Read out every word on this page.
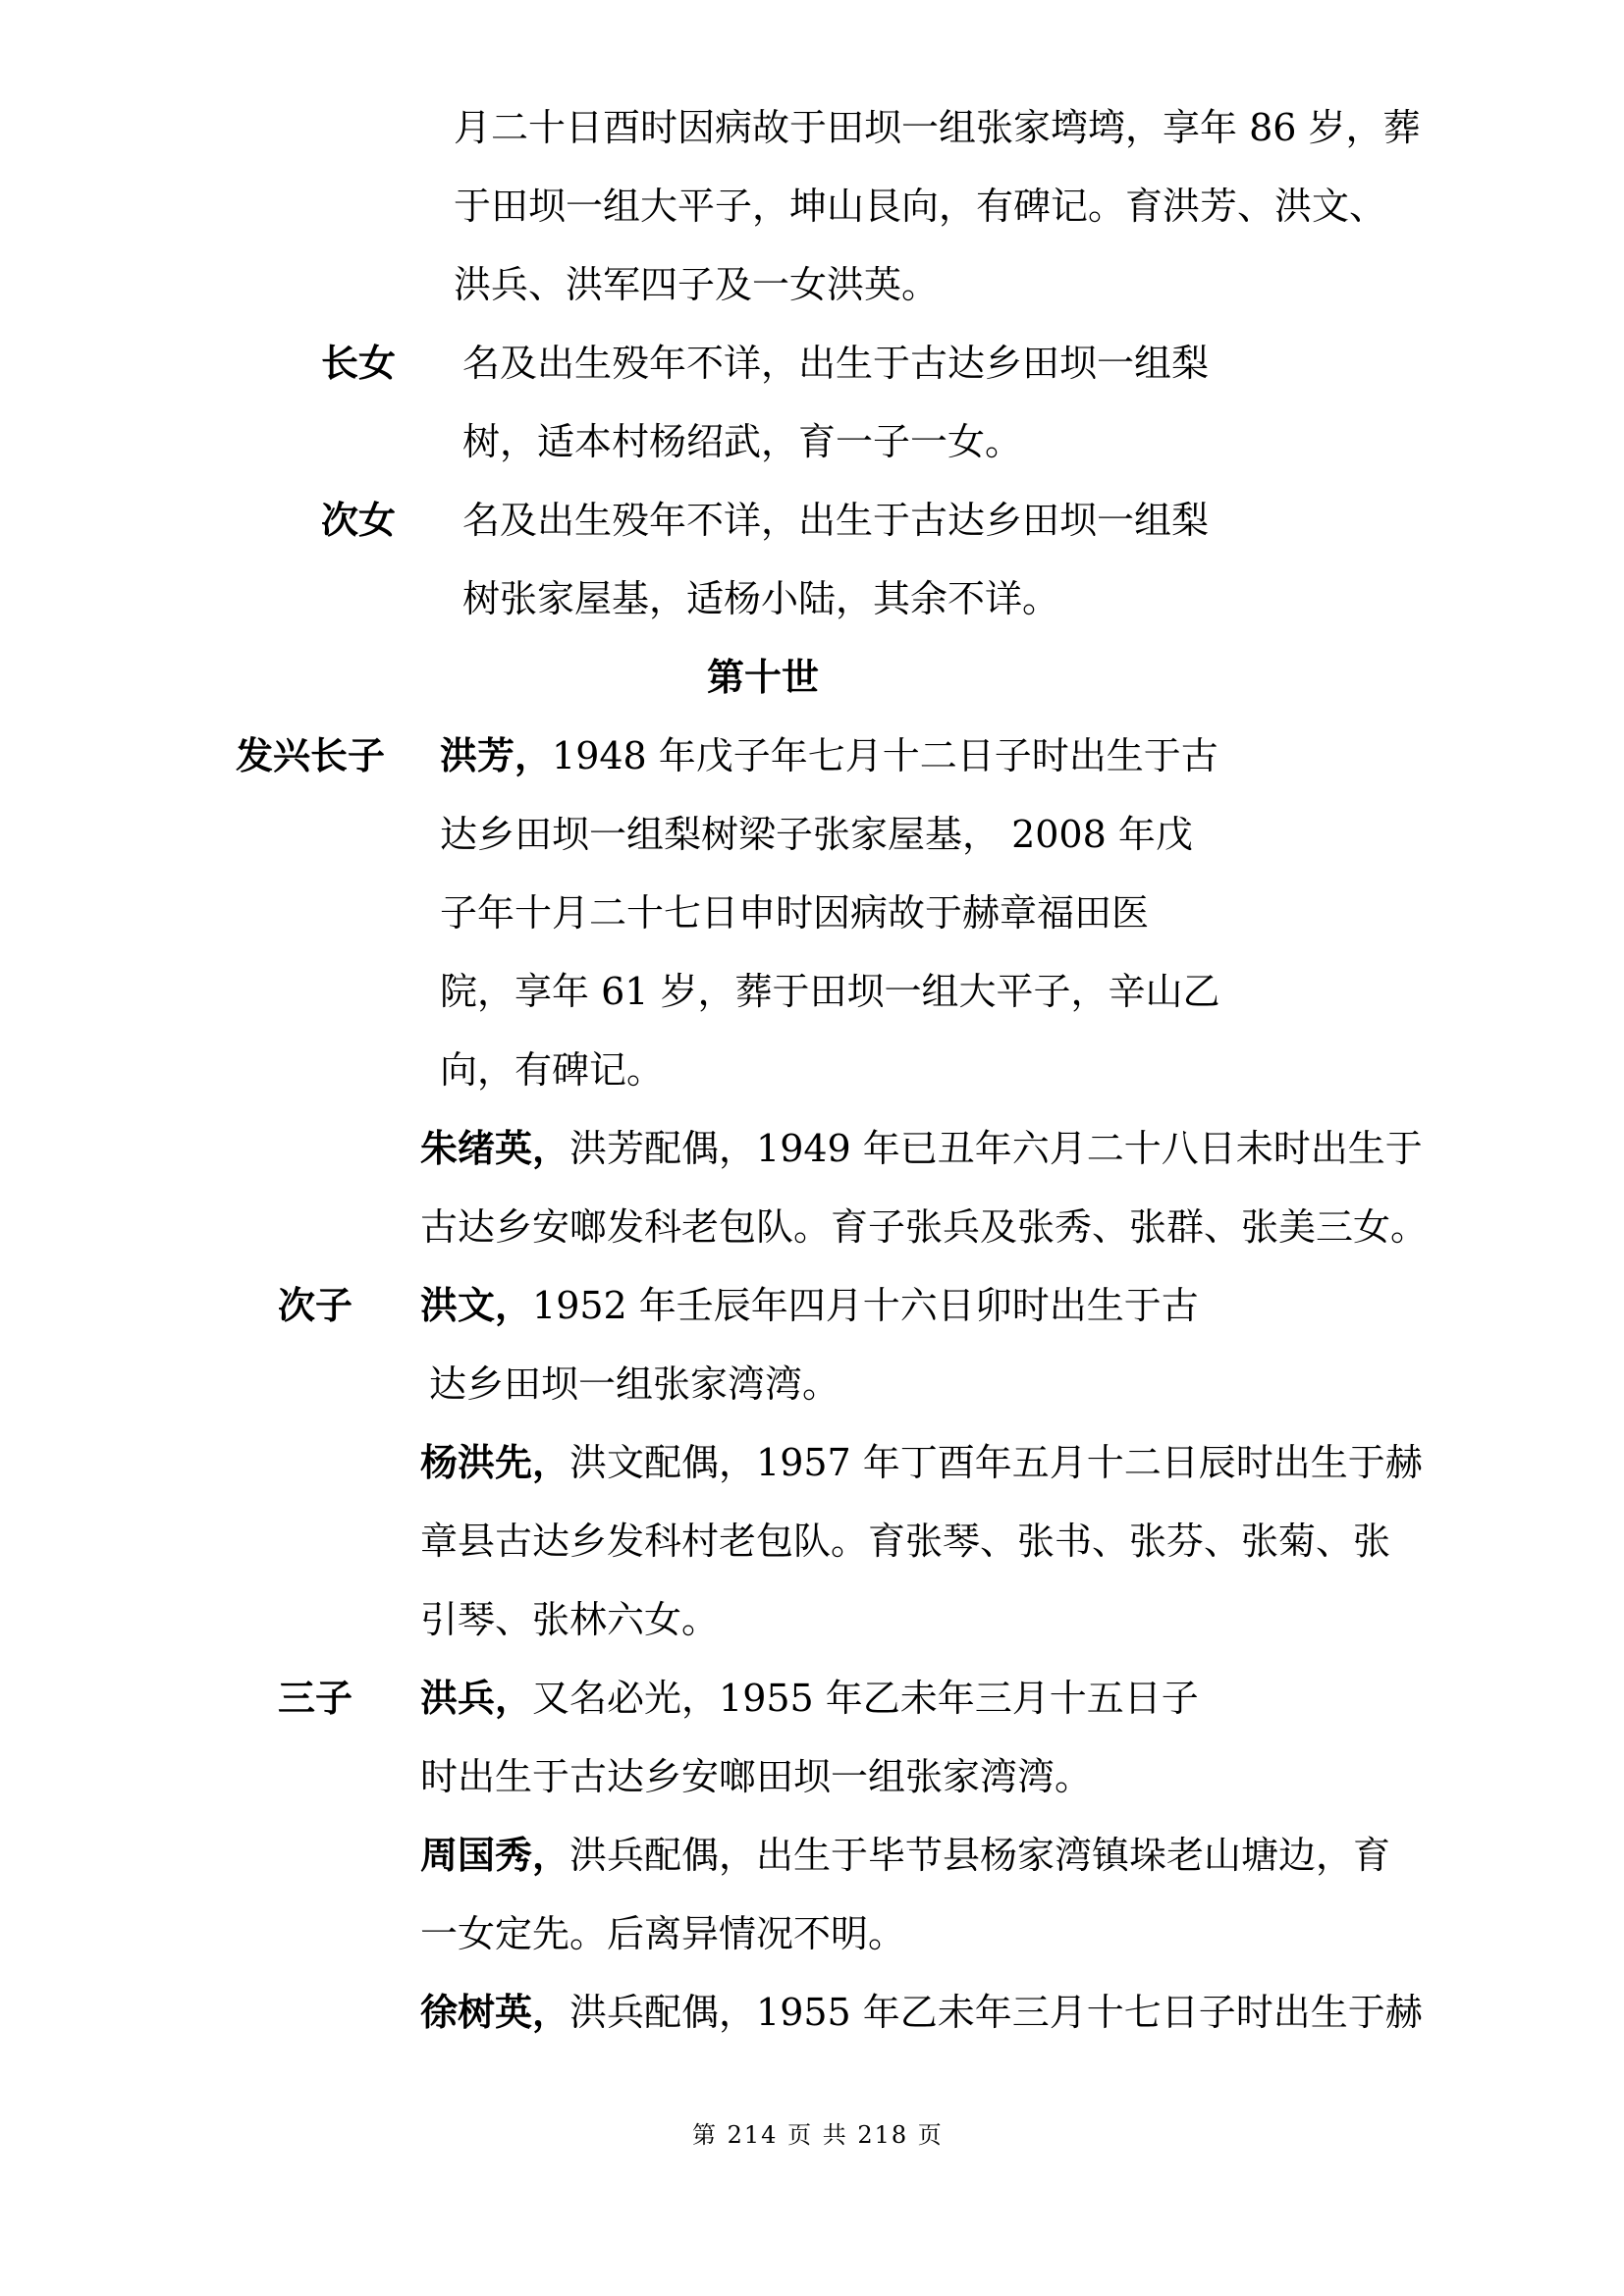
月二十日酉时因病故于田坝一组张家塆塆，享年 86 岁，葬
于田坝一组大平子，坤山艮向，有碑记。育洪芳、洪文、
洪兵、洪军四子及一女洪英。
长女 名及出生殁年不详，出生于古达乡田坝一组梨
树，适本村杨绍武，育一子一女。
次女 名及出生殁年不详，出生于古达乡田坝一组梨
树张家屋基，适杨小陆，其余不详。
第十世
发兴长子 洪芳，1948 年戊子年七月十二日子时出生于古
达乡田坝一组梨树梁子张家屋基， 2008 年戊
子年十月二十七日申时因病故于赫章福田医
院，享年 61 岁，葬于田坝一组大平子，辛山乙
向，有碑记。
朱绪英，洪芳配偶，1949 年已丑年六月二十八日未时出生于
古达乡安啷发科老包队。育子张兵及张秀、张群、张美三女。
次子 洪文，1952 年壬辰年四月十六日卯时出生于古
达乡田坝一组张家湾湾。
杨洪先，洪文配偶，1957 年丁酉年五月十二日辰时出生于赫
章县古达乡发科村老包队。育张琴、张书、张芬、张菊、张
引琴、张林六女。
三子 洪兵，又名必光，1955 年乙未年三月十五日子
时出生于古达乡安啷田坝一组张家湾湾。
周国秀，洪兵配偶，出生于毕节县杨家湾镇垛老山塘边，育
一女定先。后离异情况不明。
徐树英，洪兵配偶，1955 年乙未年三月十七日子时出生于赫
第 214 页 共 218 页
